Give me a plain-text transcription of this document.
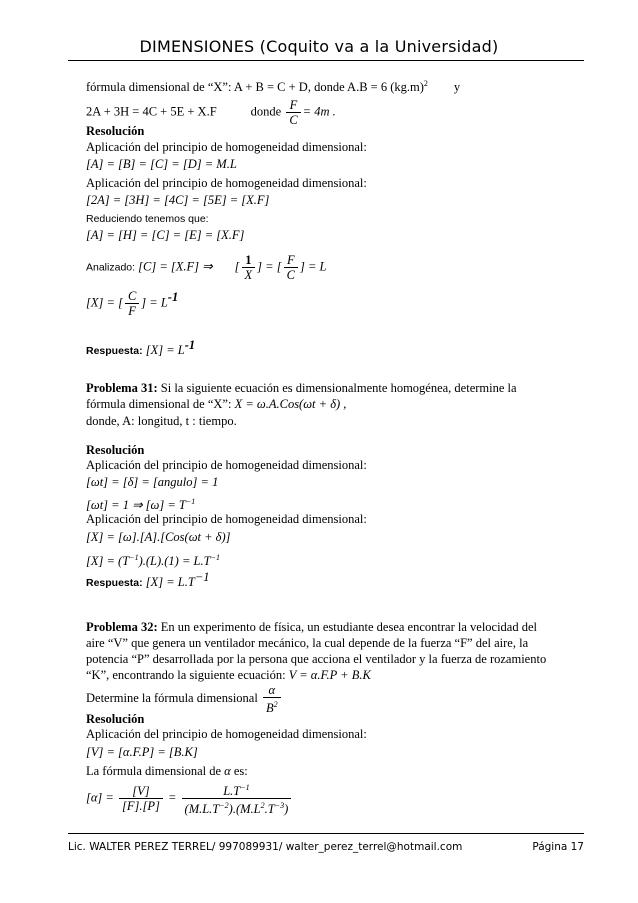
DIMENSIONES (Coquito va a la Universidad)
fórmula dimensional de “X”: A + B = C + D, donde A.B = 6 $(kg.m)^2$ y
2A + 3H = 4C + 5E + X.F	donde $\frac{F}{C} = 4m$ .
Resolución
Aplicación del principio de homogeneidad dimensional:
[A] = [B] = [C] = [D] = M.L
Aplicación del principio de homogeneidad dimensional:
[2A] = [3H] = [4C] = [5E] = [X.F]
Reduciendo tenemos que:
[A] = [H] = [C] = [E] = [X.F]
Analizado: [C] = [X.F] ⇒ [ $\frac{1}{X}$ ] = [ $\frac{F}{C}$ ] = L
[X] = [ $\frac{C}{F}$ ] = $L^{-1}$
Respuesta: $[X] = L^{-1}$
Problema 31: Si la siguiente ecuación es dimensionalmente homogénea, determine la
fórmula dimensional de “X”: X = ω.A.Cos(ωt + δ) ,
donde, A: longitud, t : tiempo.
Resolución
Aplicación del principio de homogeneidad dimensional:
[ωt] = [δ] = [angulo] = 1
[ωt] = 1 ⇒ $[\omega] = T^{-1}$
Aplicación del principio de homogeneidad dimensional:
[X] = [ω].[A].[Cos(ωt + δ)]
$[X] = (T^{-1}).(L).(1) = L.T^{-1}$
Respuesta: $[X] = L.T^{-1}$
Problema 32: En un experimento de física, un estudiante desea encontrar la velocidad del
aire “V” que genera un ventilador mecánico, la cual depende de la fuerza “F” del aire, la
potencia “P” desarrollada por la persona que acciona el ventilador y la fuerza de rozamiento
“K”, encontrando la siguiente ecuación: V = α.F.P + B.K
Determine la fórmula dimensional $\frac{\alpha}{B^2}$
Resolución
Aplicación del principio de homogeneidad dimensional:
[V] = [α.F.P] = [B.K]
La fórmula dimensional de α es:
$[\alpha] = \frac{[V]}{[F].[P]} = \frac{L.T^{-1}}{(M.L.T^{-2}).(M.L^2.T^{-3})}$
Lic. WALTER PEREZ TERREL/ 997089931/ walter_perez_terrel@hotmail.com	Página 17
